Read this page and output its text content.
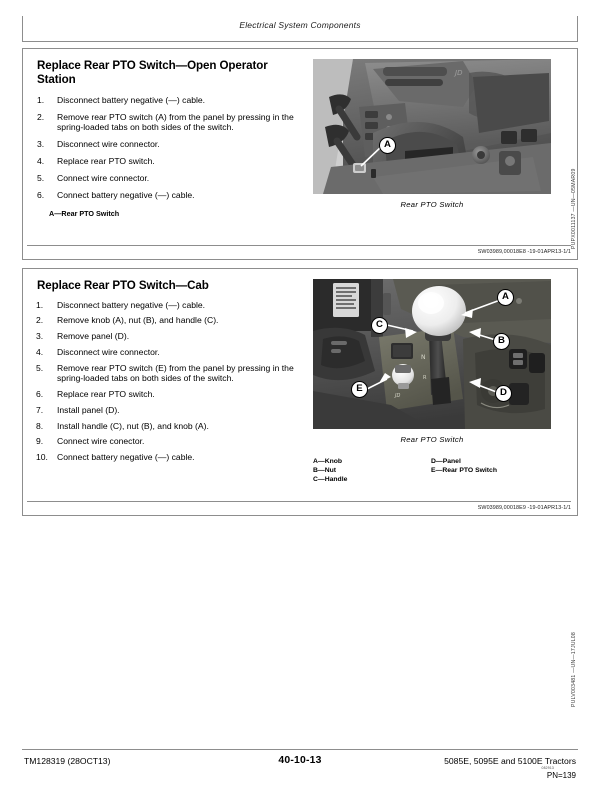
Electrical System Components
Replace Rear PTO Switch—Open Operator Station
1.	Disconnect battery negative (—) cable.
2.	Remove rear PTO switch (A) from the panel by pressing in the spring-loaded tabs on both sides of the switch.
3.	Disconnect wire connector.
4.	Replace rear PTO switch.
5.	Connect wire connector.
6.	Connect battery negative (—) cable.
A—Rear PTO Switch
JD
A
Rear PTO Switch	PUPX0011137 —UN—05MAR09
SW03989,00018E8 -19-01APR13-1/1
Replace Rear PTO Switch—Cab
1.	Disconnect battery negative (—) cable.
2.	Remove knob (A), nut (B), and handle (C).
3.	Remove panel (D).
4.	Disconnect wire connector.
5.	Remove rear PTO switch (E) from the panel by pressing in the spring-loaded tabs on both sides of the switch.
6.	Replace rear PTO switch.
7.	Install panel (D).
8.	Install handle (C), nut (B), and knob (A).
9.	Connect wire conector.
10.	Connect battery negative (—) cable.
N
R
JD
A
B
C
D
E
Rear PTO Switch
PULV003481 —UN—17JUL08
A—Knob
B—Nut
C—Handle
D—Panel
E—Rear PTO Switch
SW03989,00018E9 -19-01APR13-1/1
TM128319 (28OCT13)	40-10-13	5085E, 5095E and 5100E Tractors
082913
PN=139
